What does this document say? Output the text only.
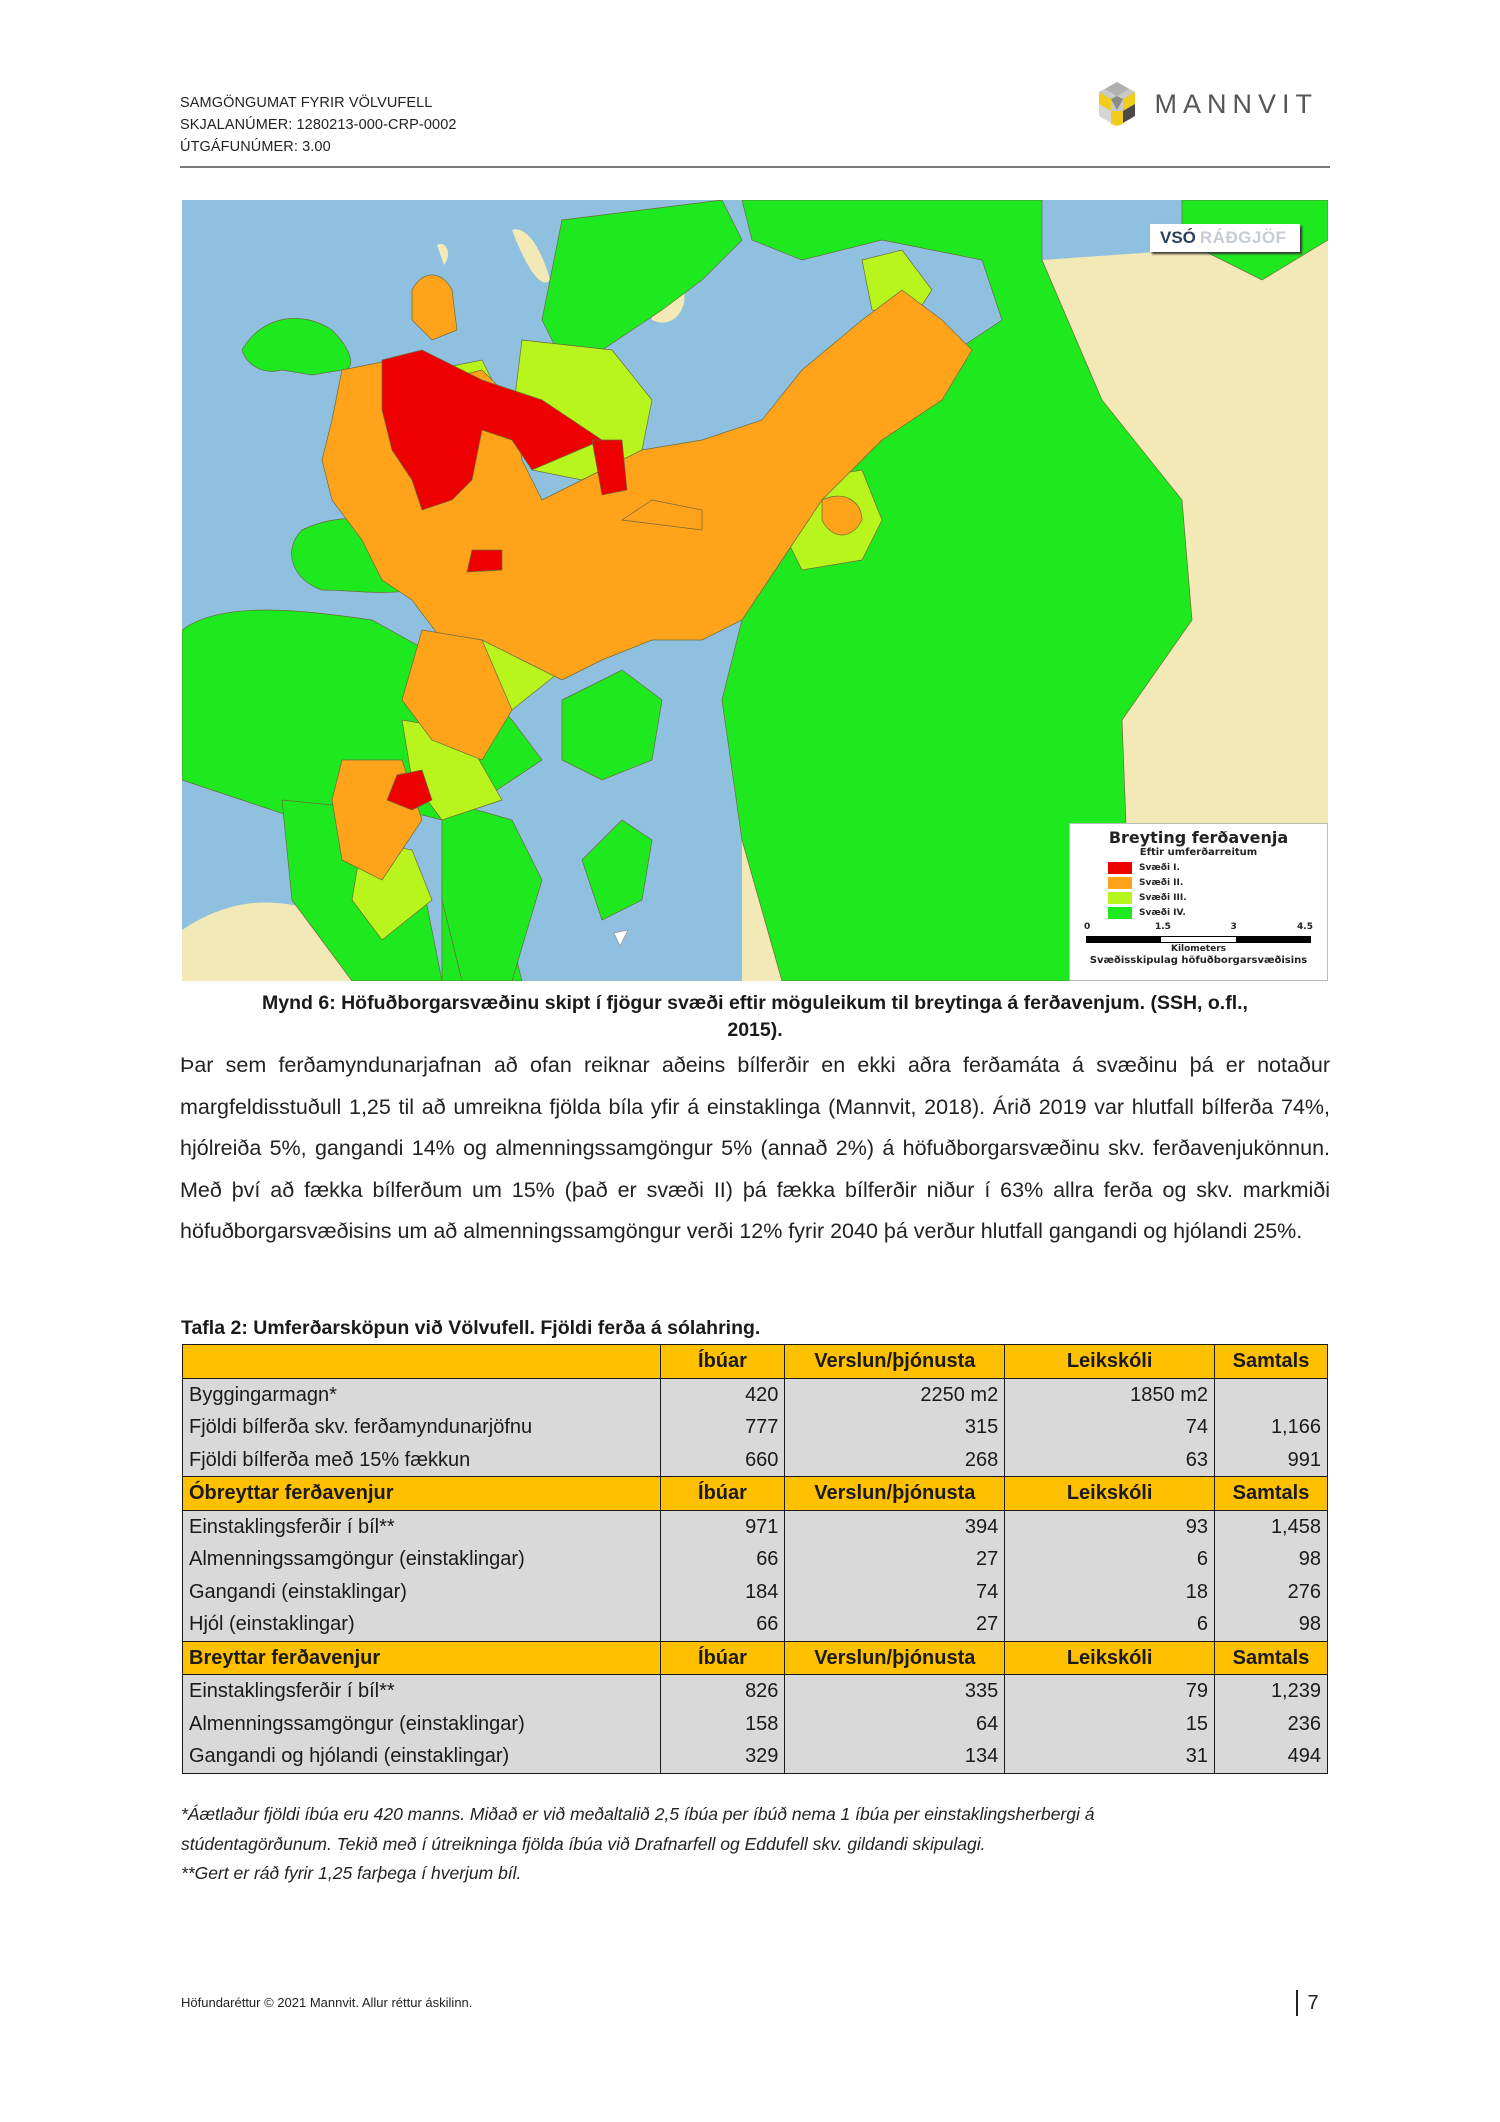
SAMGÖNGUMAT FYRIR VÖLVUFELL
SKJALANÚMER: 1280213-000-CRP-0002
ÚTGÁFUNÚMER: 3.00
MANNVIT
VSÓ RÁÐGJÖF
Breyting ferðavenja
Eftir umferðarreitum
Svæði I.
Svæði II.
Svæði III.
Svæði IV.
0	1.5	3	4.5
Kilometers
Svæðisskipulag höfuðborgarsvæðisins
Mynd 6: Höfuðborgarsvæðinu skipt í fjögur svæði eftir möguleikum til breytinga á ferðavenjum. (SSH, o.fl.,
2015).
Þar sem ferðamyndunarjafnan að ofan reiknar aðeins bílferðir en ekki aðra ferðamáta á svæðinu þá er notaður margfeldisstuðull 1,25 til að umreikna fjölda bíla yfir á einstaklinga (Mannvit, 2018). Árið 2019 var hlutfall bílferða 74%, hjólreiða 5%, gangandi 14% og almenningssamgöngur 5% (annað 2%) á höfuðborgarsvæðinu skv. ferðavenjukönnun. Með því að fækka bílferðum um 15% (það er svæði II) þá fækka bílferðir niður í 63% allra ferða og skv. markmiði höfuðborgarsvæðisins um að almenningssamgöngur verði 12% fyrir 2040 þá verður hlutfall gangandi og hjólandi 25%.
Tafla 2: Umferðarsköpun við Völvufell. Fjöldi ferða á sólahring.
	Íbúar	Verslun/þjónusta	Leikskóli	Samtals
Byggingarmagn*	420	2250 m2	1850 m2	
Fjöldi bílferða skv. ferðamyndunarjöfnu	777	315	74	1,166
Fjöldi bílferða með 15% fækkun	660	268	63	991
Óbreyttar ferðavenjur	Íbúar	Verslun/þjónusta	Leikskóli	Samtals
Einstaklingsferðir í bíl**	971	394	93	1,458
Almenningssamgöngur (einstaklingar)	66	27	6	98
Gangandi (einstaklingar)	184	74	18	276
Hjól (einstaklingar)	66	27	6	98
Breyttar ferðavenjur	Íbúar	Verslun/þjónusta	Leikskóli	Samtals
Einstaklingsferðir í bíl**	826	335	79	1,239
Almenningssamgöngur (einstaklingar)	158	64	15	236
Gangandi og hjólandi (einstaklingar)	329	134	31	494
*Áætlaður fjöldi íbúa eru 420 manns. Miðað er við meðaltalið 2,5 íbúa per íbúð nema 1 íbúa per einstaklingsherbergi á
stúdentagörðunum. Tekið með í útreikninga fjölda íbúa við Drafnarfell og Eddufell skv. gildandi skipulagi.
**Gert er ráð fyrir 1,25 farþega í hverjum bíl.
Höfundaréttur © 2021 Mannvit. Allur réttur áskilinn.	7
